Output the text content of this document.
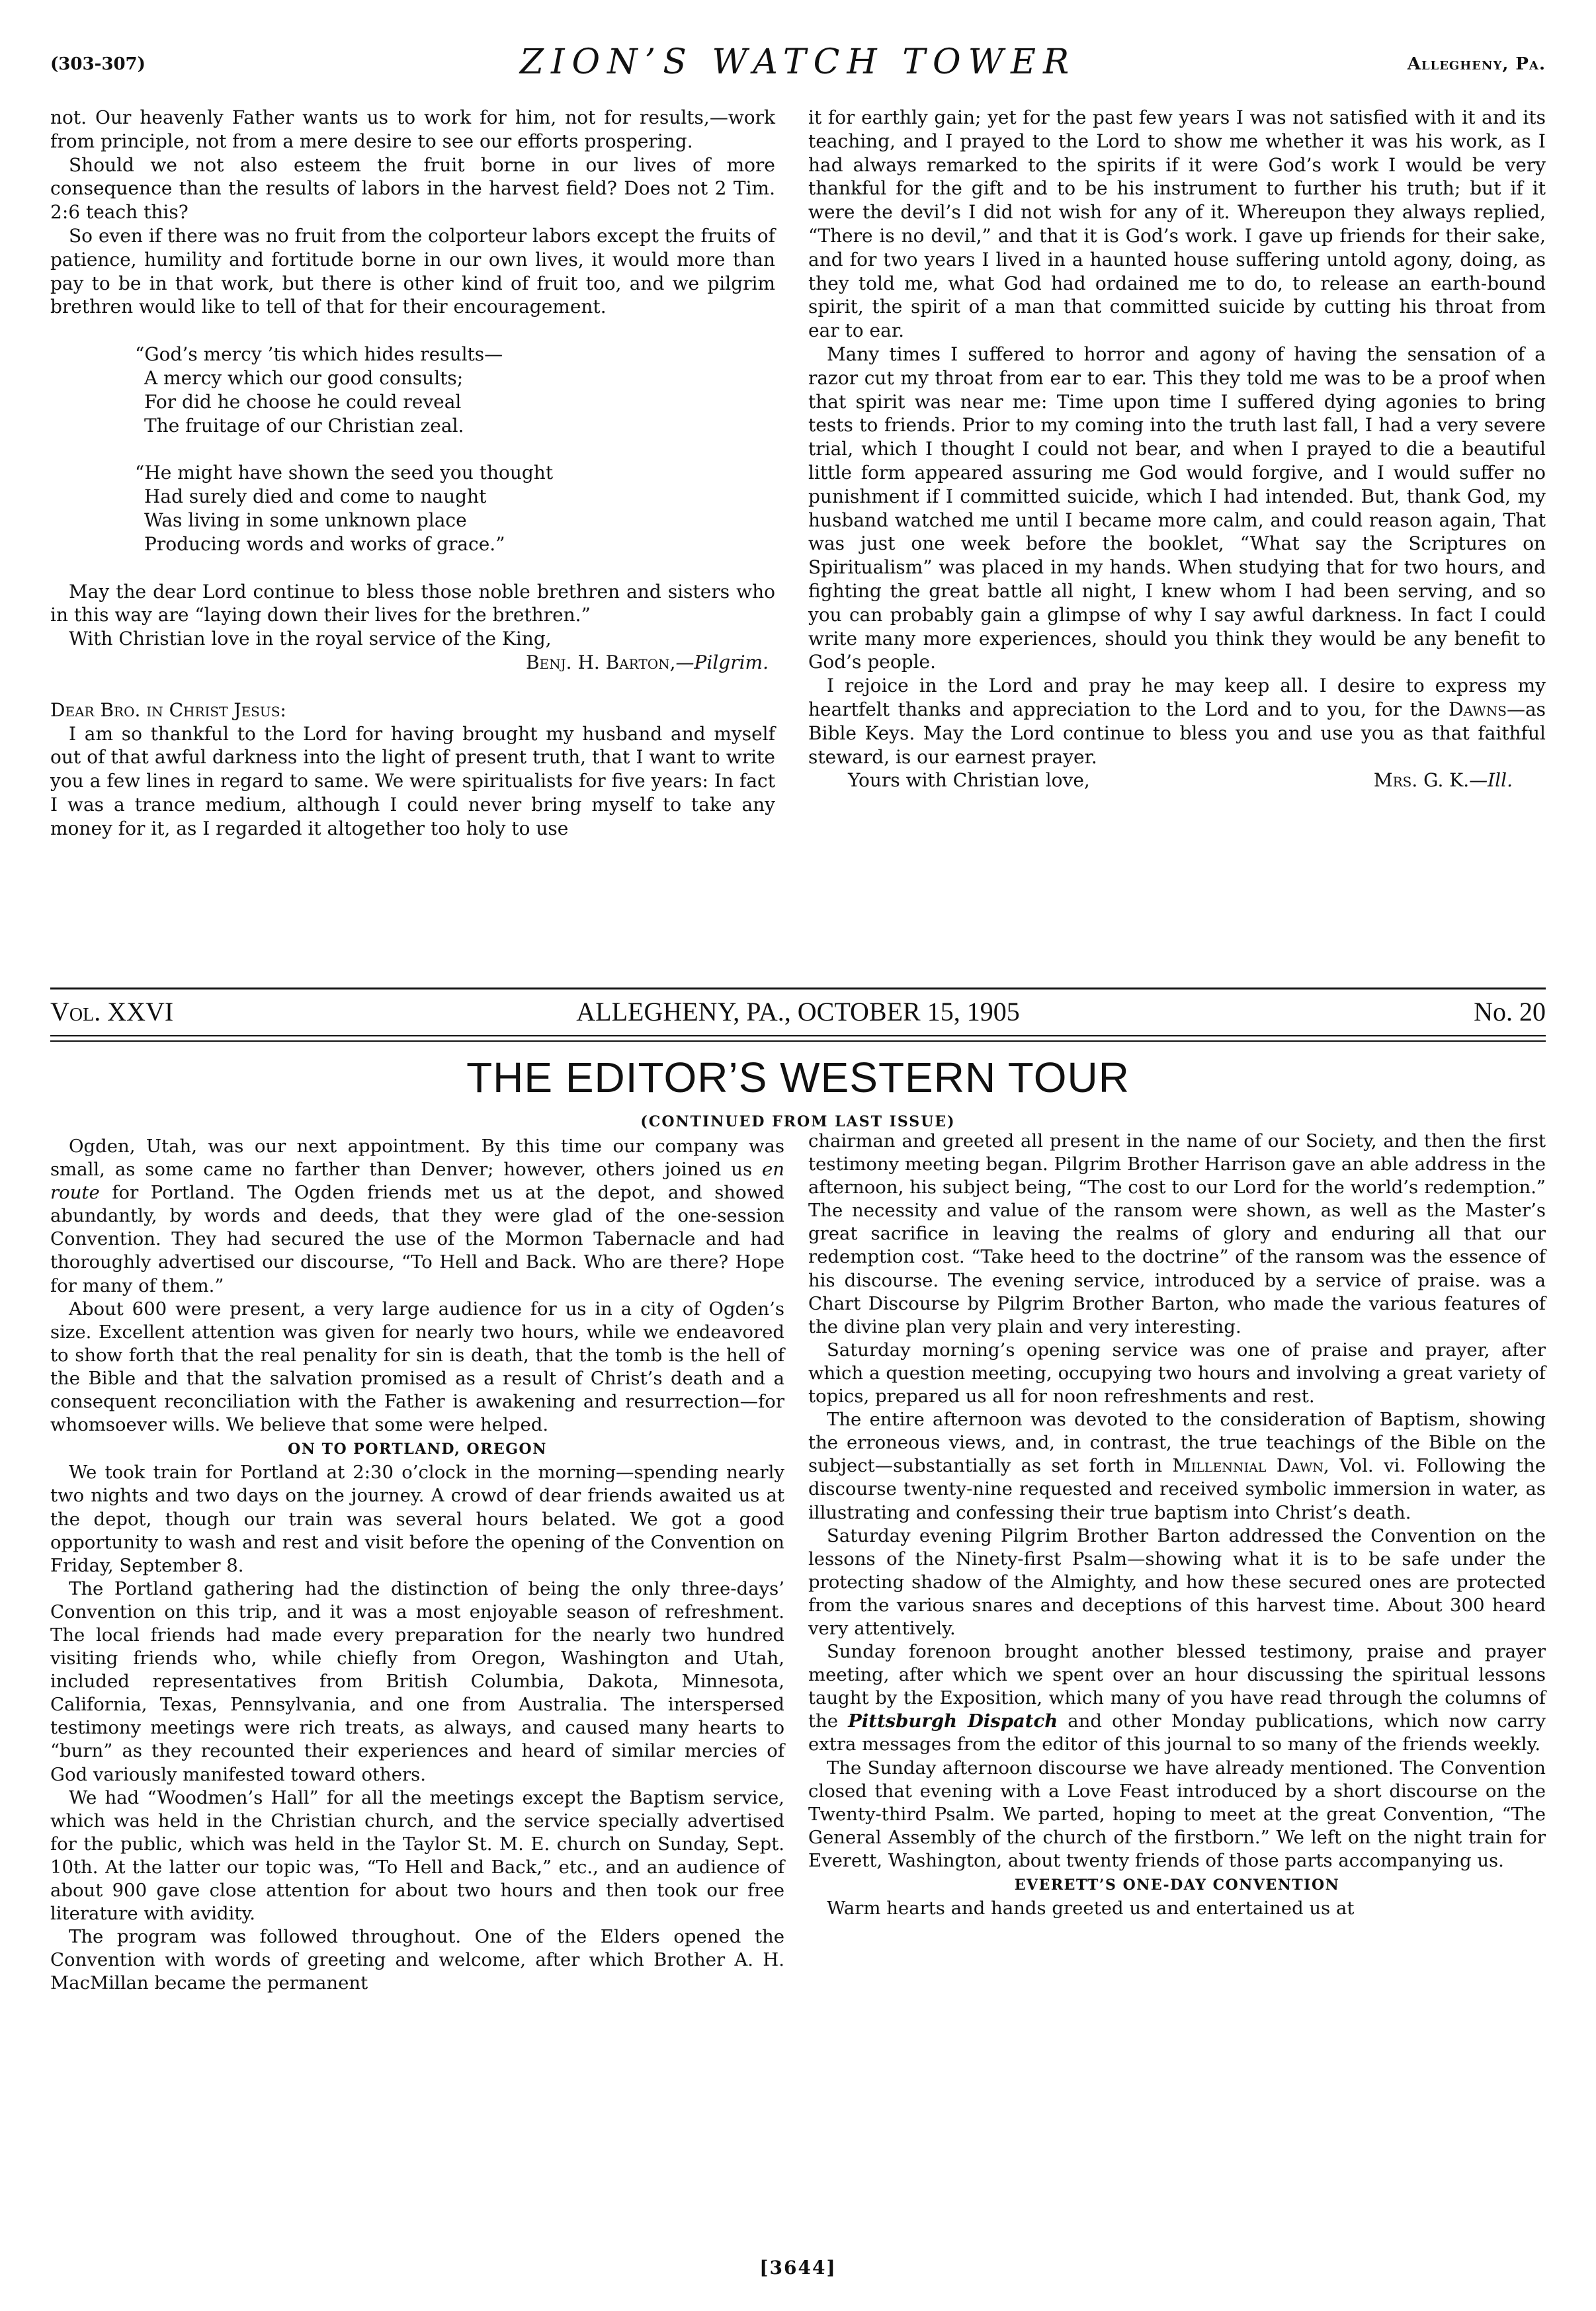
(303-307)	ZION’S WATCH TOWER	Allegheny, Pa.

not. Our heavenly Father wants us to work for him, not for results,—work from principle, not from a mere desire to see our efforts prospering.

Should we not also esteem the fruit borne in our lives of more consequence than the results of labors in the harvest field? Does not 2 Tim. 2:6 teach this?

So even if there was no fruit from the colporteur labors except the fruits of patience, humility and fortitude borne in our own lives, it would more than pay to be in that work, but there is other kind of fruit too, and we pilgrim brethren would like to tell of that for their encouragement.

“God’s mercy ’tis which hides results—
A mercy which our good consults;
For did he choose he could reveal
The fruitage of our Christian zeal.
“He might have shown the seed you thought
Had surely died and come to naught
Was living in some unknown place
Producing words and works of grace.”

May the dear Lord continue to bless those noble brethren and sisters who in this way are “laying down their lives for the brethren.”

With Christian love in the royal service of the King,

Benj. H. Barton,—Pilgrim.
Dear Bro. in Christ Jesus:

I am so thankful to the Lord for having brought my husband and myself out of that awful darkness into the light of present truth, that I want to write you a few lines in regard to same. We were spiritualists for five years: In fact I was a trance medium, although I could never bring myself to take any money for it, as I regarded it altogether too holy to use

it for earthly gain; yet for the past few years I was not satisfied with it and its teaching, and I prayed to the Lord to show me whether it was his work, as I had always remarked to the spirits if it were God’s work I would be very thankful for the gift and to be his instrument to further his truth; but if it were the devil’s I did not wish for any of it. Whereupon they always replied, “There is no devil,” and that it is God’s work. I gave up friends for their sake, and for two years I lived in a haunted house suffering untold agony, doing, as they told me, what God had ordained me to do, to release an earth-bound spirit, the spirit of a man that committed suicide by cutting his throat from ear to ear.

Many times I suffered to horror and agony of having the sensation of a razor cut my throat from ear to ear. This they told me was to be a proof when that spirit was near me: Time upon time I suffered dying agonies to bring tests to friends. Prior to my coming into the truth last fall, I had a very severe trial, which I thought I could not bear, and when I prayed to die a beautiful little form appeared assuring me God would forgive, and I would suffer no punishment if I committed suicide, which I had intended. But, thank God, my husband watched me until I became more calm, and could reason again, That was just one week before the booklet, “What say the Scriptures on Spiritualism” was placed in my hands. When studying that for two hours, and fighting the great battle all night, I knew whom I had been serving, and so you can probably gain a glimpse of why I say awful darkness. In fact I could write many more experiences, should you think they would be any benefit to God’s people.

I rejoice in the Lord and pray he may keep all. I desire to express my heartfelt thanks and appreciation to the Lord and to you, for the Dawns—as Bible Keys. May the Lord continue to bless you and use you as that faithful steward, is our earnest prayer.

Yours with Christian love,	Mrs. G. K.—Ill.
Vol. XXVI	ALLEGHENY, PA., OCTOBER 15, 1905	No. 20
THE EDITOR’S WESTERN TOUR
(CONTINUED FROM LAST ISSUE)

Ogden, Utah, was our next appointment. By this time our company was small, as some came no farther than Denver; however, others joined us en route for Portland. The Ogden friends met us at the depot, and showed abundantly, by words and deeds, that they were glad of the one-session Convention. They had secured the use of the Mormon Tabernacle and had thoroughly advertised our discourse, “To Hell and Back. Who are there? Hope for many of them.”

About 600 were present, a very large audience for us in a city of Ogden’s size. Excellent attention was given for nearly two hours, while we endeavored to show forth that the real penality for sin is death, that the tomb is the hell of the Bible and that the salvation promised as a result of Christ’s death and a consequent reconciliation with the Father is awakening and resurrection—for whomsoever wills. We believe that some were helped.

ON TO PORTLAND, OREGON

We took train for Portland at 2:30 o’clock in the morning—spending nearly two nights and two days on the journey. A crowd of dear friends awaited us at the depot, though our train was several hours belated. We got a good opportunity to wash and rest and visit before the opening of the Convention on Friday, September 8.

The Portland gathering had the distinction of being the only three-days’ Convention on this trip, and it was a most enjoyable season of refreshment. The local friends had made every preparation for the nearly two hundred visiting friends who, while chiefly from Oregon, Washington and Utah, included representatives from British Columbia, Dakota, Minnesota, California, Texas, Pennsylvania, and one from Australia. The interspersed testimony meetings were rich treats, as always, and caused many hearts to “burn” as they recounted their experiences and heard of similar mercies of God variously manifested toward others.

We had “Woodmen’s Hall” for all the meetings except the Baptism service, which was held in the Christian church, and the service specially advertised for the public, which was held in the Taylor St. M. E. church on Sunday, Sept. 10th. At the latter our topic was, “To Hell and Back,” etc., and an audience of about 900 gave close attention for about two hours and then took our free literature with avidity.

The program was followed throughout. One of the Elders opened the Convention with words of greeting and welcome, after which Brother A. H. MacMillan became the permanent

chairman and greeted all present in the name of our Society, and then the first testimony meeting began. Pilgrim Brother Harrison gave an able address in the afternoon, his subject being, “The cost to our Lord for the world’s redemption.” The necessity and value of the ransom were shown, as well as the Master’s great sacrifice in leaving the realms of glory and enduring all that our redemption cost. “Take heed to the doctrine” of the ransom was the essence of his discourse. The evening service, introduced by a service of praise. was a Chart Discourse by Pilgrim Brother Barton, who made the various features of the divine plan very plain and very interesting.

Saturday morning’s opening service was one of praise and prayer, after which a question meeting, occupying two hours and involving a great variety of topics, prepared us all for noon refreshments and rest.

The entire afternoon was devoted to the consideration of Baptism, showing the erroneous views, and, in contrast, the true teachings of the Bible on the subject—substantially as set forth in Millennial Dawn, Vol. vi. Following the discourse twenty-nine requested and received symbolic immersion in water, as illustrating and confessing their true baptism into Christ’s death.

Saturday evening Pilgrim Brother Barton addressed the Convention on the lessons of the Ninety-first Psalm—showing what it is to be safe under the protecting shadow of the Almighty, and how these secured ones are protected from the various snares and deceptions of this harvest time. About 300 heard very attentively.

Sunday forenoon brought another blessed testimony, praise and prayer meeting, after which we spent over an hour discussing the spiritual lessons taught by the Exposition, which many of you have read through the columns of the Pittsburgh Dispatch and other Monday publications, which now carry extra messages from the editor of this journal to so many of the friends weekly.

The Sunday afternoon discourse we have already mentioned. The Convention closed that evening with a Love Feast introduced by a short discourse on the Twenty-third Psalm. We parted, hoping to meet at the great Convention, “The General Assembly of the church of the firstborn.” We left on the night train for Everett, Washington, about twenty friends of those parts accompanying us.

EVERETT’S ONE-DAY CONVENTION

Warm hearts and hands greeted us and entertained us at

[3644]
